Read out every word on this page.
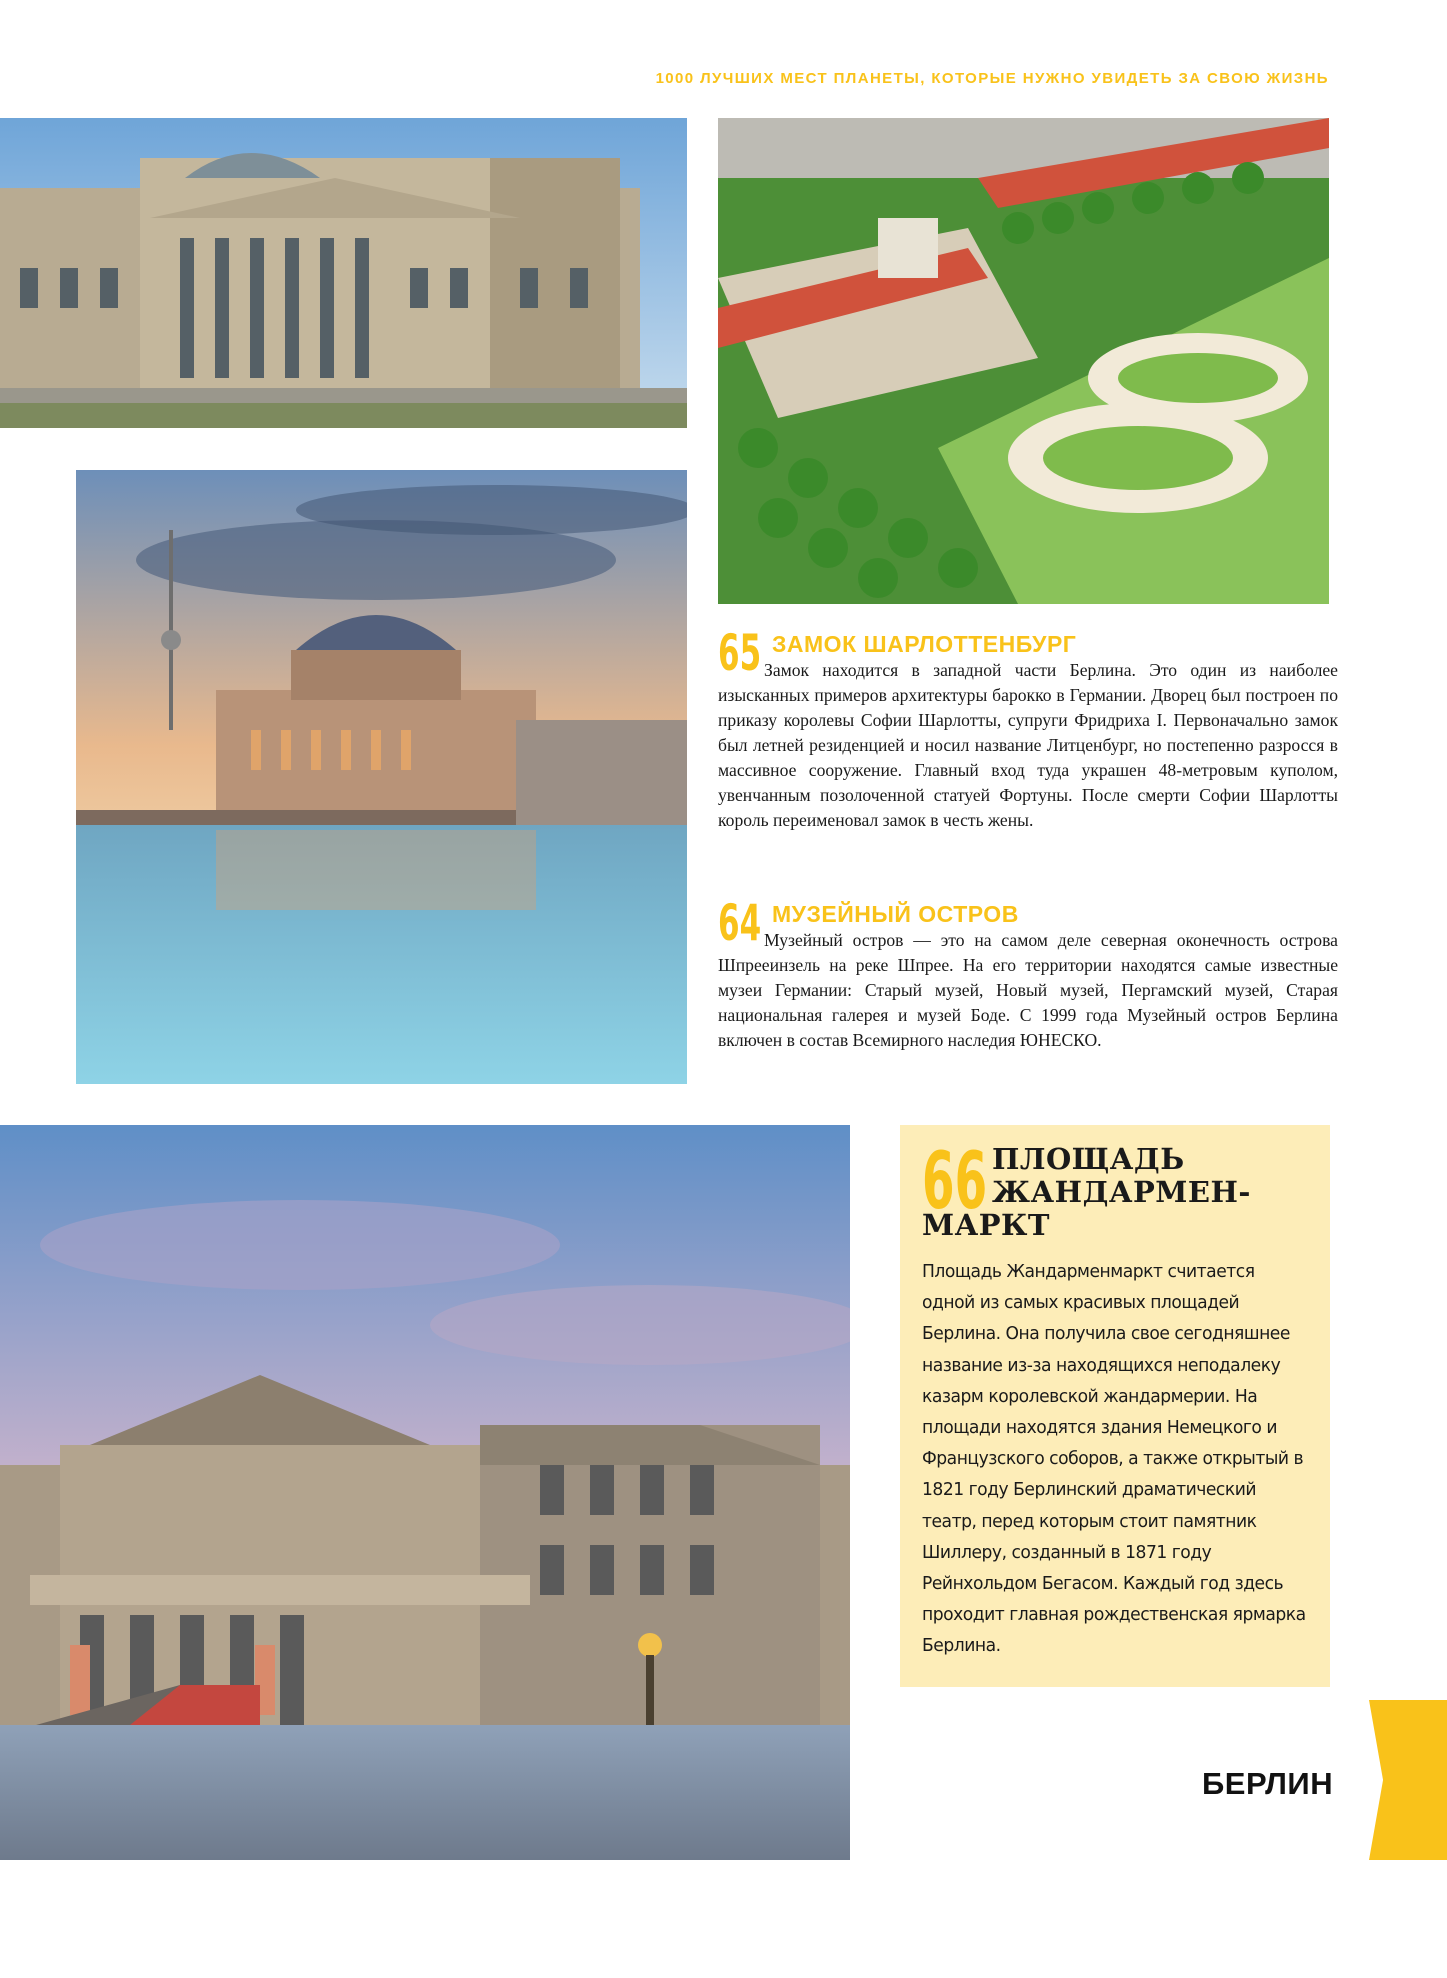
1000 ЛУЧШИХ МЕСТ ПЛАНЕТЫ, КОТОРЫЕ НУЖНО УВИДЕТЬ ЗА СВОЮ ЖИЗНЬ
65 ЗАМОК ШАРЛОТТЕНБУРГ
Замок находится в западной части Берлина. Это один из наиболее изысканных примеров архитектуры барокко в Германии. Дворец был построен по приказу королевы Софии Шарлотты, супруги Фридриха I. Первоначально замок был летней резиденцией и носил название Литценбург, но постепенно разросся в массивное сооружение. Главный вход туда украшен 48-метровым куполом, увенчанным позолоченной статуей Фортуны. После смерти Софии Шарлотты король переименовал замок в честь жены.
64 МУЗЕЙНЫЙ ОСТРОВ
Музейный остров — это на самом деле северная оконечность острова Шпрееинзель на реке Шпрее. На его территории находятся самые известные музеи Германии: Старый музей, Новый музей, Пергамский музей, Старая национальная галерея и музей Боде. С 1999 года Музейный остров Берлина включен в состав Всемирного наследия ЮНЕСКО.
66 ПЛОЩАДЬ
ЖАНДАРМЕН-
МАРКТ
Площадь Жандарменмаркт считается одной из самых красивых площадей Берлина. Она получила свое сегодняшнее название из-за находящихся неподалеку казарм королевской жандармерии. На площади находятся здания Немецкого и Французского соборов, а также открытый в 1821 году Берлинский драматический театр, перед которым стоит памятник Шиллеру, созданный в 1871 году Рейнхольдом Бегасом. Каждый год здесь проходит главная рождественская ярмарка Берлина.
БЕРЛИН
